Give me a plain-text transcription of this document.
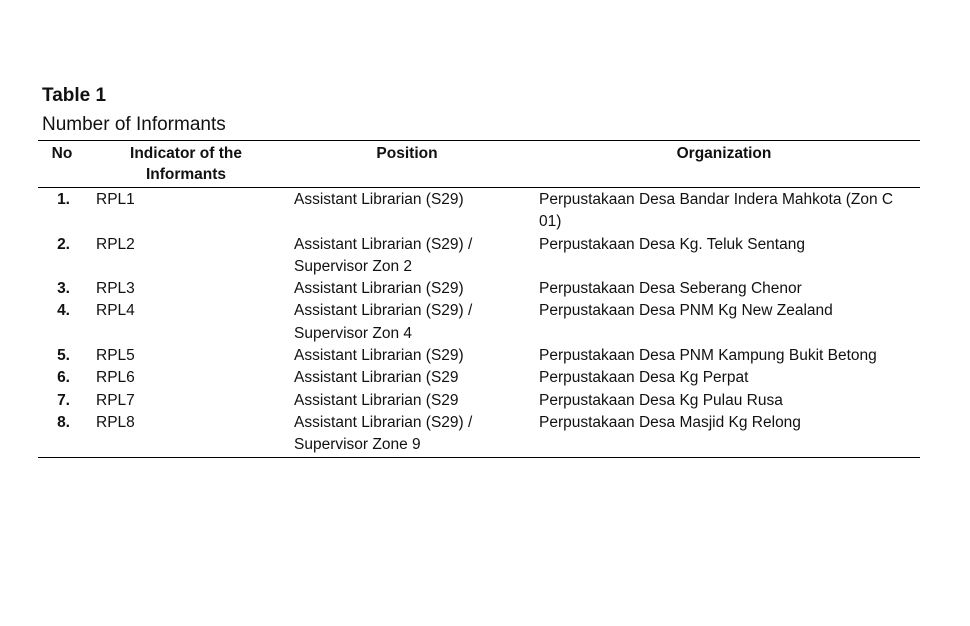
Table 1
Number of Informants
No	Indicator of the Informants	Position	Organization
1.	RPL1	Assistant Librarian (S29)	Perpustakaan Desa Bandar Indera Mahkota (Zon C 01)
2.	RPL2	Assistant Librarian (S29) / Supervisor Zon 2	Perpustakaan Desa Kg. Teluk Sentang
3.	RPL3	Assistant Librarian (S29)	Perpustakaan Desa Seberang Chenor
4.	RPL4	Assistant Librarian (S29) / Supervisor Zon 4	Perpustakaan Desa PNM Kg New Zealand
5.	RPL5	Assistant Librarian (S29)	Perpustakaan Desa PNM Kampung Bukit Betong
6.	RPL6	Assistant Librarian (S29	Perpustakaan Desa Kg Perpat
7.	RPL7	Assistant Librarian (S29	Perpustakaan Desa Kg Pulau Rusa
8.	RPL8	Assistant Librarian (S29) / Supervisor Zone 9	Perpustakaan Desa Masjid Kg Relong
